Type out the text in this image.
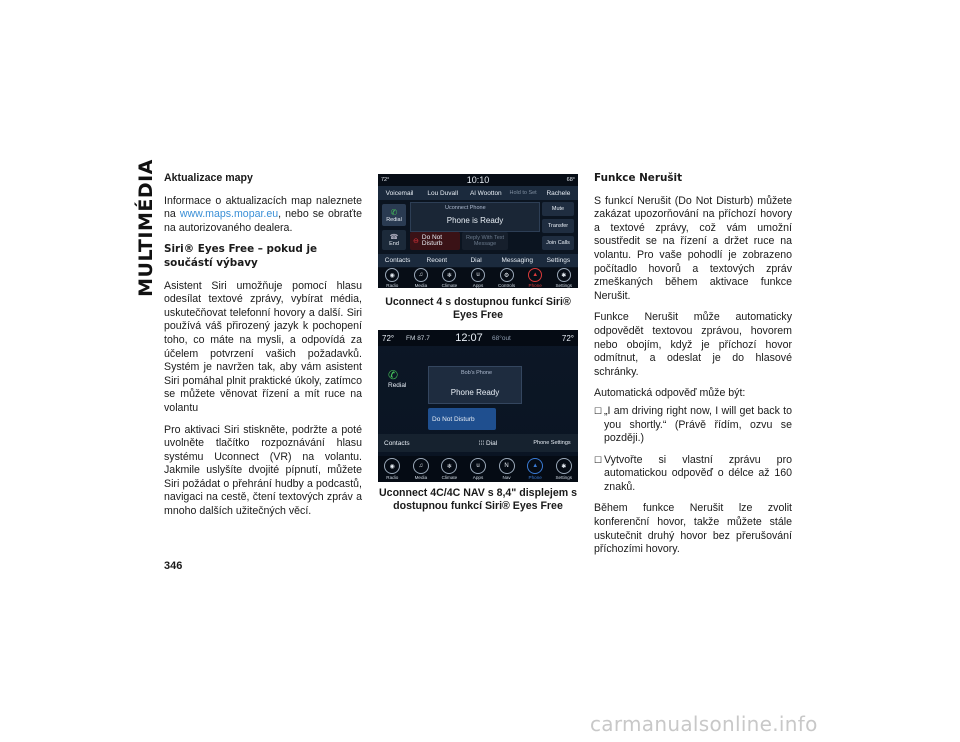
MULTIMÉDIA
346
Aktualizace mapy

Informace o aktualizacích map naleznete na www.maps.mopar.eu, nebo se obraťte na autorizovaného dealera.

Siri® Eyes Free – pokud je součástí výbavy

Asistent Siri umožňuje pomocí hlasu odesílat textové zprávy, vybírat média, uskutečňovat telefonní hovory a další. Siri používá váš přirozený jazyk k pochopení toho, co máte na mysli, a odpovídá za účelem potvrzení vašich požadavků. Systém je navržen tak, aby vám asistent Siri pomáhal plnit praktické úkoly, zatímco se můžete věnovat řízení a mít ruce na volantu

Pro aktivaci Siri stiskněte, podržte a poté uvolněte tlačítko rozpoznávání hlasu systému Uconnect (VR) na volantu. Jakmile uslyšíte dvojité pípnutí, můžete Siri požádat o přehrání hudby a podcastů, navigaci na cestě, čtení textových zpráv a mnoho dalších užitečných věcí.

72°	10:10	68°
Voicemail	Lou Duvall	Al Wootton	Hold to Set	Rachele
✆
Redial
☎
End
Uconnect Phone
Phone is Ready
⊖
Do Not Disturb
Reply With Text Message
Mute
Transfer
Join Calls
Contacts	Recent	Dial	Messaging	Settings
◉
Radio
♫
Media
❄
Climate
u
Apps
⚙
Controls
▲
Phone
✱
Settings
Uconnect 4 s dostupnou funkcí Siri® Eyes Free
72°	FM 87.7	12:07	68°out	72°
✆
Redial
Bob's Phone
Phone Ready
Do Not Disturb
Contacts	⁞⁞⁞ Dial	Phone Settings
◉
Radio
♫
Media
❄
Climate
u
Apps
N
Nav
▲
Phone
✱
Settings
Uconnect 4C/4C NAV s 8,4" displejem s dostupnou funkcí Siri® Eyes Free
Funkce Nerušit

S funkcí Nerušit (Do Not Disturb) můžete zakázat upozorňování na příchozí hovory a textové zprávy, což vám umožní soustředit se na řízení a držet ruce na volantu. Pro vaše pohodlí je zobrazeno počítadlo hovorů a textových zpráv zmeškaných během aktivace funkce Nerušit.

Funkce Nerušit může automaticky odpovědět textovou zprávou, hovorem nebo obojím, když je příchozí hovor odmítnut, a odeslat je do hlasové schránky.

Automatická odpověď může být:

☐ „I am driving right now, I will get back to you shortly.“ (Právě řídím, ozvu se později.)
☐ Vytvořte si vlastní zprávu pro automatickou odpověď o délce až 160 znaků.

Během funkce Nerušit lze zvolit konferenční hovor, takže můžete stále uskutečnit druhý hovor bez přerušování příchozími hovory.

carmanualsonline.info
